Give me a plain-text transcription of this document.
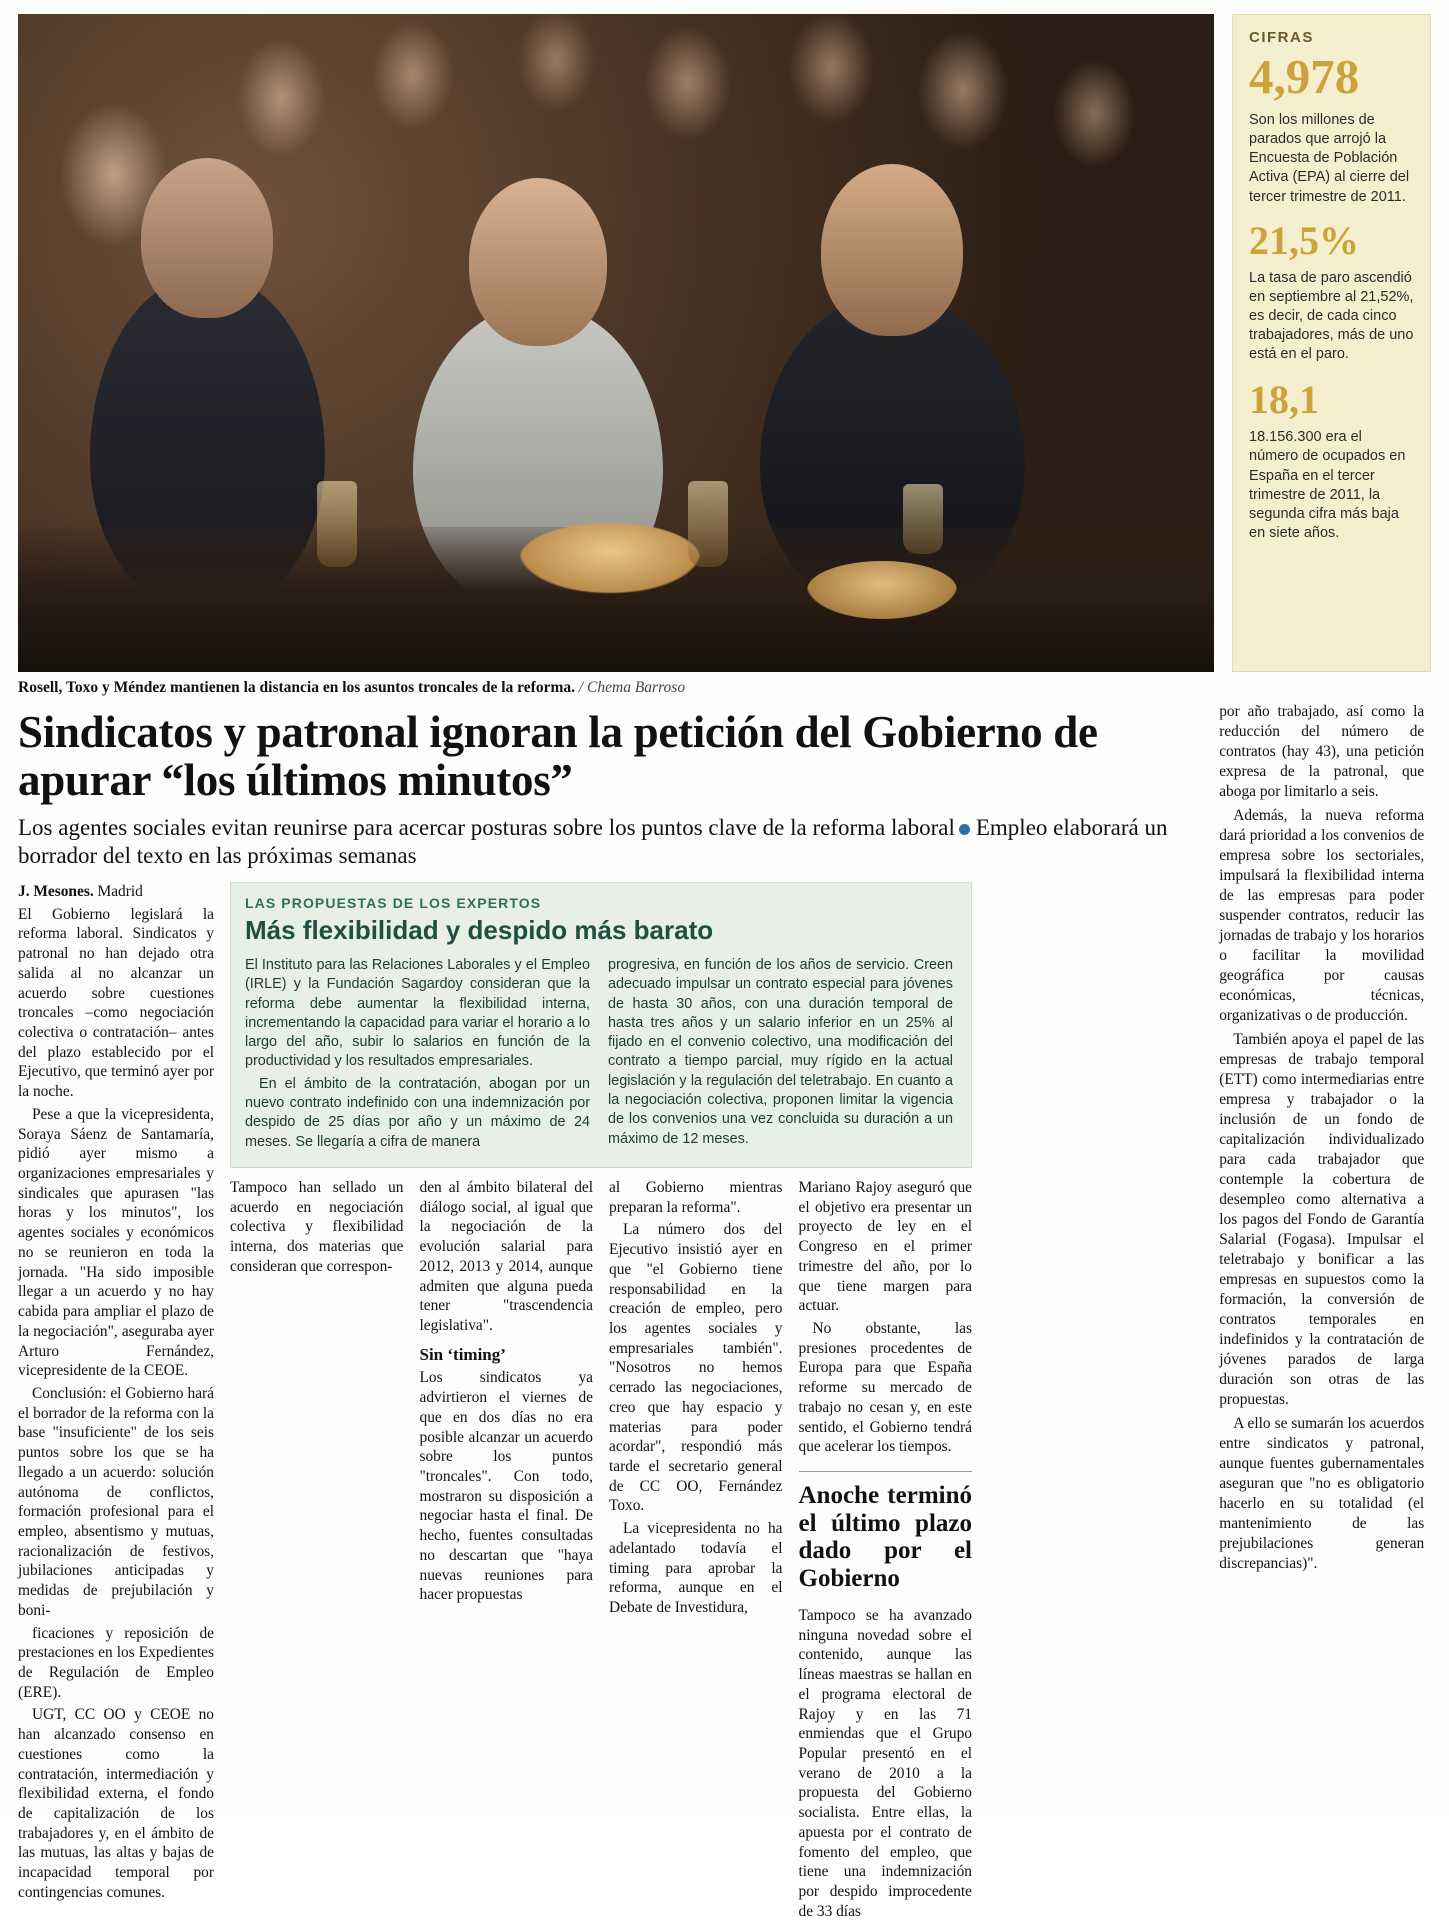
Rosell, Toxo y Méndez mantienen la distancia en los asuntos troncales de la reforma. / Chema Barroso
CIFRAS
4,978
Son los millones de parados que arrojó la Encuesta de Población Activa (EPA) al cierre del tercer trimestre de 2011.
21,5%
La tasa de paro ascendió en septiembre al 21,52%, es decir, de cada cinco trabajadores, más de uno está en el paro.
18,1
18.156.300 era el número de ocupados en España en el tercer trimestre de 2011, la segunda cifra más baja en siete años.
Sindicatos y patronal ignoran la petición del Gobierno de apurar “los últimos minutos”
Los agentes sociales evitan reunirse para acercar posturas sobre los puntos clave de la reforma laboral Empleo elaborará un borrador del texto en las próximas semanas

J. Mesones. Madrid

El Gobierno legislará la reforma laboral. Sindicatos y patronal no han dejado otra salida al no alcanzar un acuerdo sobre cuestiones troncales –como negociación colectiva o contratación– antes del plazo establecido por el Ejecutivo, que terminó ayer por la noche.

Pese a que la vicepresidenta, Soraya Sáenz de Santamaría, pidió ayer mismo a organizaciones empresariales y sindicales que apurasen "las horas y los minutos", los agentes sociales y económicos no se reunieron en toda la jornada. "Ha sido imposible llegar a un acuerdo y no hay cabida para ampliar el plazo de la negociación", aseguraba ayer Arturo Fernández, vicepresidente de la CEOE.

Conclusión: el Gobierno hará el borrador de la reforma con la base "insuficiente" de los seis puntos sobre los que se ha llegado a un acuerdo: solución autónoma de conflictos, formación profesional para el empleo, absentismo y mutuas, racionalización de festivos, jubilaciones anticipadas y medidas de prejubilación y boni-

ficaciones y reposición de prestaciones en los Expedientes de Regulación de Empleo (ERE).

UGT, CC OO y CEOE no han alcanzado consenso en cuestiones como la contratación, intermediación y flexibilidad externa, el fondo de capitalización de los trabajadores y, en el ámbito de las mutuas, las altas y bajas de incapacidad temporal por contingencias comunes.

LAS PROPUESTAS DE LOS EXPERTOS
Más flexibilidad y despido más barato

El Instituto para las Relaciones Laborales y el Empleo (IRLE) y la Fundación Sagardoy consideran que la reforma debe aumentar la flexibilidad interna, incrementando la capacidad para variar el horario a lo largo del año, subir lo salarios en función de la productividad y los resultados empresariales.

En el ámbito de la contratación, abogan por un nuevo contrato indefinido con una indemnización por despido de 25 días por año y un máximo de 24 meses. Se llegaría a cifra de manera

progresiva, en función de los años de servicio. Creen adecuado impulsar un contrato especial para jóvenes de hasta 30 años, con una duración temporal de hasta tres años y un salario inferior en un 25% al fijado en el convenio colectivo, una modificación del contrato a tiempo parcial, muy rígido en la actual legislación y la regulación del teletrabajo. En cuanto a la negociación colectiva, proponen limitar la vigencia de los convenios una vez concluida su duración a un máximo de 12 meses.

Tampoco han sellado un acuerdo en negociación colectiva y flexibilidad interna, dos materias que consideran que correspon-

den al ámbito bilateral del diálogo social, al igual que la negociación de la evolución salarial para 2012, 2013 y 2014, aunque admiten que alguna pueda tener "trascendencia legislativa".

Sin ‘timing’

Los sindicatos ya advirtieron el viernes de que en dos días no era posible alcanzar un acuerdo sobre los puntos "troncales". Con todo, mostraron su disposición a negociar hasta el final. De hecho, fuentes consultadas no descartan que "haya nuevas reuniones para hacer propuestas

al Gobierno mientras preparan la reforma".

La número dos del Ejecutivo insistió ayer en que "el Gobierno tiene responsabilidad en la creación de empleo, pero los agentes sociales y empresariales también". "Nosotros no hemos cerrado las negociaciones, creo que hay espacio y materias para poder acordar", respondió más tarde el secretario general de CC OO, Fernández Toxo.

La vicepresidenta no ha adelantado todavía el timing para aprobar la reforma, aunque en el Debate de Investidura,

Mariano Rajoy aseguró que el objetivo era presentar un proyecto de ley en el Congreso en el primer trimestre del año, por lo que tiene margen para actuar.

No obstante, las presiones procedentes de Europa para que España reforme su mercado de trabajo no cesan y, en este sentido, el Gobierno tendrá que acelerar los tiempos.

Anoche terminó el último plazo dado por el Gobierno

Tampoco se ha avanzado ninguna novedad sobre el contenido, aunque las líneas maestras se hallan en el programa electoral de Rajoy y en las 71 enmiendas que el Grupo Popular presentó en el verano de 2010 a la propuesta del Gobierno socialista. Entre ellas, la apuesta por el contrato de fomento del empleo, que tiene una indemnización por despido improcedente de 33 días

por año trabajado, así como la reducción del número de contratos (hay 43), una petición expresa de la patronal, que aboga por limitarlo a seis.

Además, la nueva reforma dará prioridad a los convenios de empresa sobre los sectoriales, impulsará la flexibilidad interna de las empresas para poder suspender contratos, reducir las jornadas de trabajo y los horarios o facilitar la movilidad geográfica por causas económicas, técnicas, organizativas o de producción.

También apoya el papel de las empresas de trabajo temporal (ETT) como intermediarias entre empresa y trabajador o la inclusión de un fondo de capitalización individualizado para cada trabajador que contemple la cobertura de desempleo como alternativa a los pagos del Fondo de Garantía Salarial (Fogasa). Impulsar el teletrabajo y bonificar a las empresas en supuestos como la formación, la conversión de contratos temporales en indefinidos y la contratación de jóvenes parados de larga duración son otras de las propuestas.

A ello se sumarán los acuerdos entre sindicatos y patronal, aunque fuentes gubernamentales aseguran que "no es obligatorio hacerlo en su totalidad (el mantenimiento de las prejubilaciones generan discrepancias)".
